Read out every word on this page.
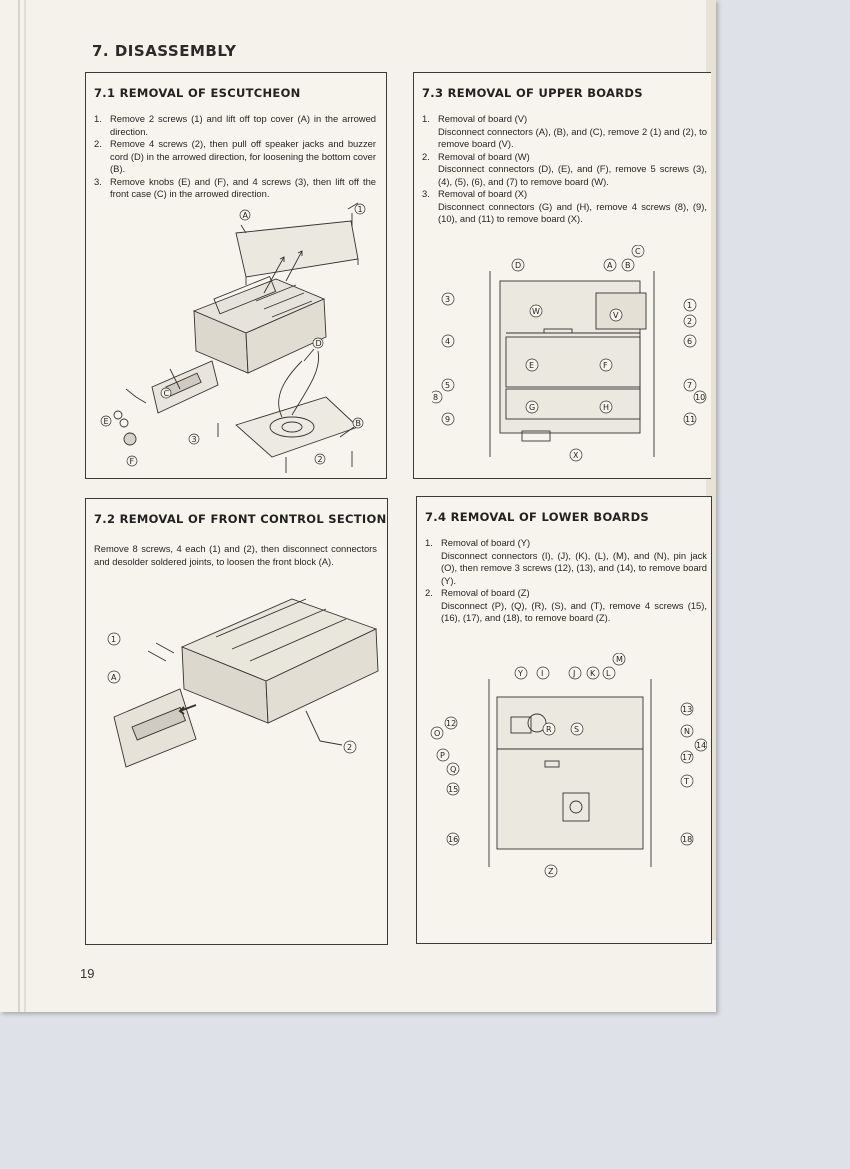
7. DISASSEMBLY
7.1 REMOVAL OF ESCUTCHEON
1. Remove 2 screws (1) and lift off top cover (A) in the arrowed direction.
2. Remove 4 screws (2), then pull off speaker jacks and buzzer cord (D) in the arrowed direction, for loosening the bottom cover (B).
3. Remove knobs (E) and (F), and 4 screws (3), then lift off the front case (C) in the arrowed direction.
A
1
C
D
B
2
3
E
F
7.3 REMOVAL OF UPPER BOARDS
1. Removal of board (V)
Disconnect connectors (A), (B), and (C), remove 2 (1) and (2), to remove board (V).
2. Removal of board (W)
Disconnect connectors (D), (E), and (F), remove 5 screws (3), (4), (5), (6), and (7) to remove board (W).
3. Removal of board (X)
Disconnect connectors (G) and (H), remove 4 screws (8), (9), (10), and (11) to remove board (X).
D	A B
C
3
W	V
1
2
4	6
E	F
5	7
8	10
G	H
9	11
X
7.2 REMOVAL OF FRONT CONTROL SECTION

Remove 8 screws, 4 each (1) and (2), then disconnect connectors and desolder soldered joints, to loosen the front block (A).

1
A
2
7.4 REMOVAL OF LOWER BOARDS
1. Removal of board (Y)
Disconnect connectors (I), (J), (K), (L), (M), and (N), pin jack (O), then remove 3 screws (12), (13), and (14), to remove board (Y).
2. Removal of board (Z)
Disconnect (P), (Q), (R), (S), and (T), remove 4 screws (15), (16), (17), and (18), to remove board (Z).
M
Y I	J K L
12
13
O	R	S	N
14
P	17
Q
T
15
16	18
Z
19
